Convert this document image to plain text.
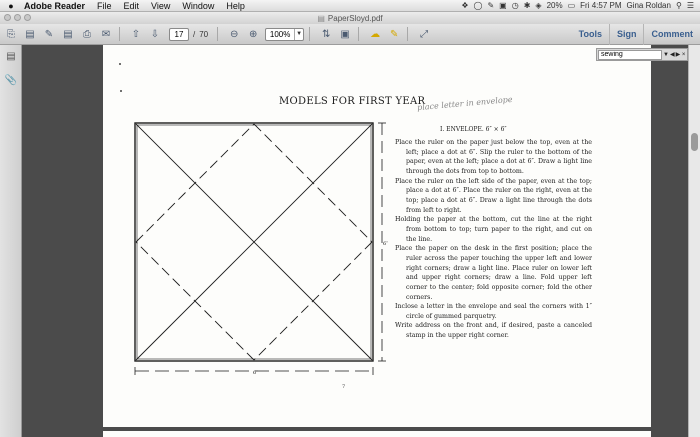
●	Adobe Reader	File	Edit	View	Window	Help	❖ ◯ ✎ ▣ ◷ ✱ ◈ 20% ▭ Fri 4:57 PM Gina Roldan ⚲ ☰
▤ PaperSloyd.pdf
⎘	▤	✎	▤	⎙	✉	⇧	⇩
17	/ 70	⊖	⊕
100%	▼	⇅	▣	☁ ✎	⤢	Tools	Sign	Comment
▤
📎
MODELS FOR FIRST YEAR
place letter in envelope
I. ENVELOPE. 6″ × 6″
6″
6″

Place the ruler on the paper just below the top, even at the left; place a dot at 6″. Slip the ruler to the bottom of the paper, even at the left; place a dot at 6″. Draw a light line through the dots from top to bottom.

Place the ruler on the left side of the paper, even at the top; place a dot at 6″. Place the ruler on the right, even at the top; place a dot at 6″. Draw a light line through the dots from left to right.

Holding the paper at the bottom, cut the line at the right from bottom to top; turn paper to the right, and cut on the line.

Place the paper on the desk in the first position; place the ruler across the paper touching the upper left and lower right corners; draw a light line. Place ruler on lower left and upper right corners; draw a line. Fold upper left corner to the center; fold opposite corner; fold the other corners.

Inclose a letter in the envelope and seal the corners with 1″ circle of gummed parquetry.

Write address on the front and, if desired, paste a canceled stamp in the upper right corner.

7
sewing
▼ ◀ ▶ ×
